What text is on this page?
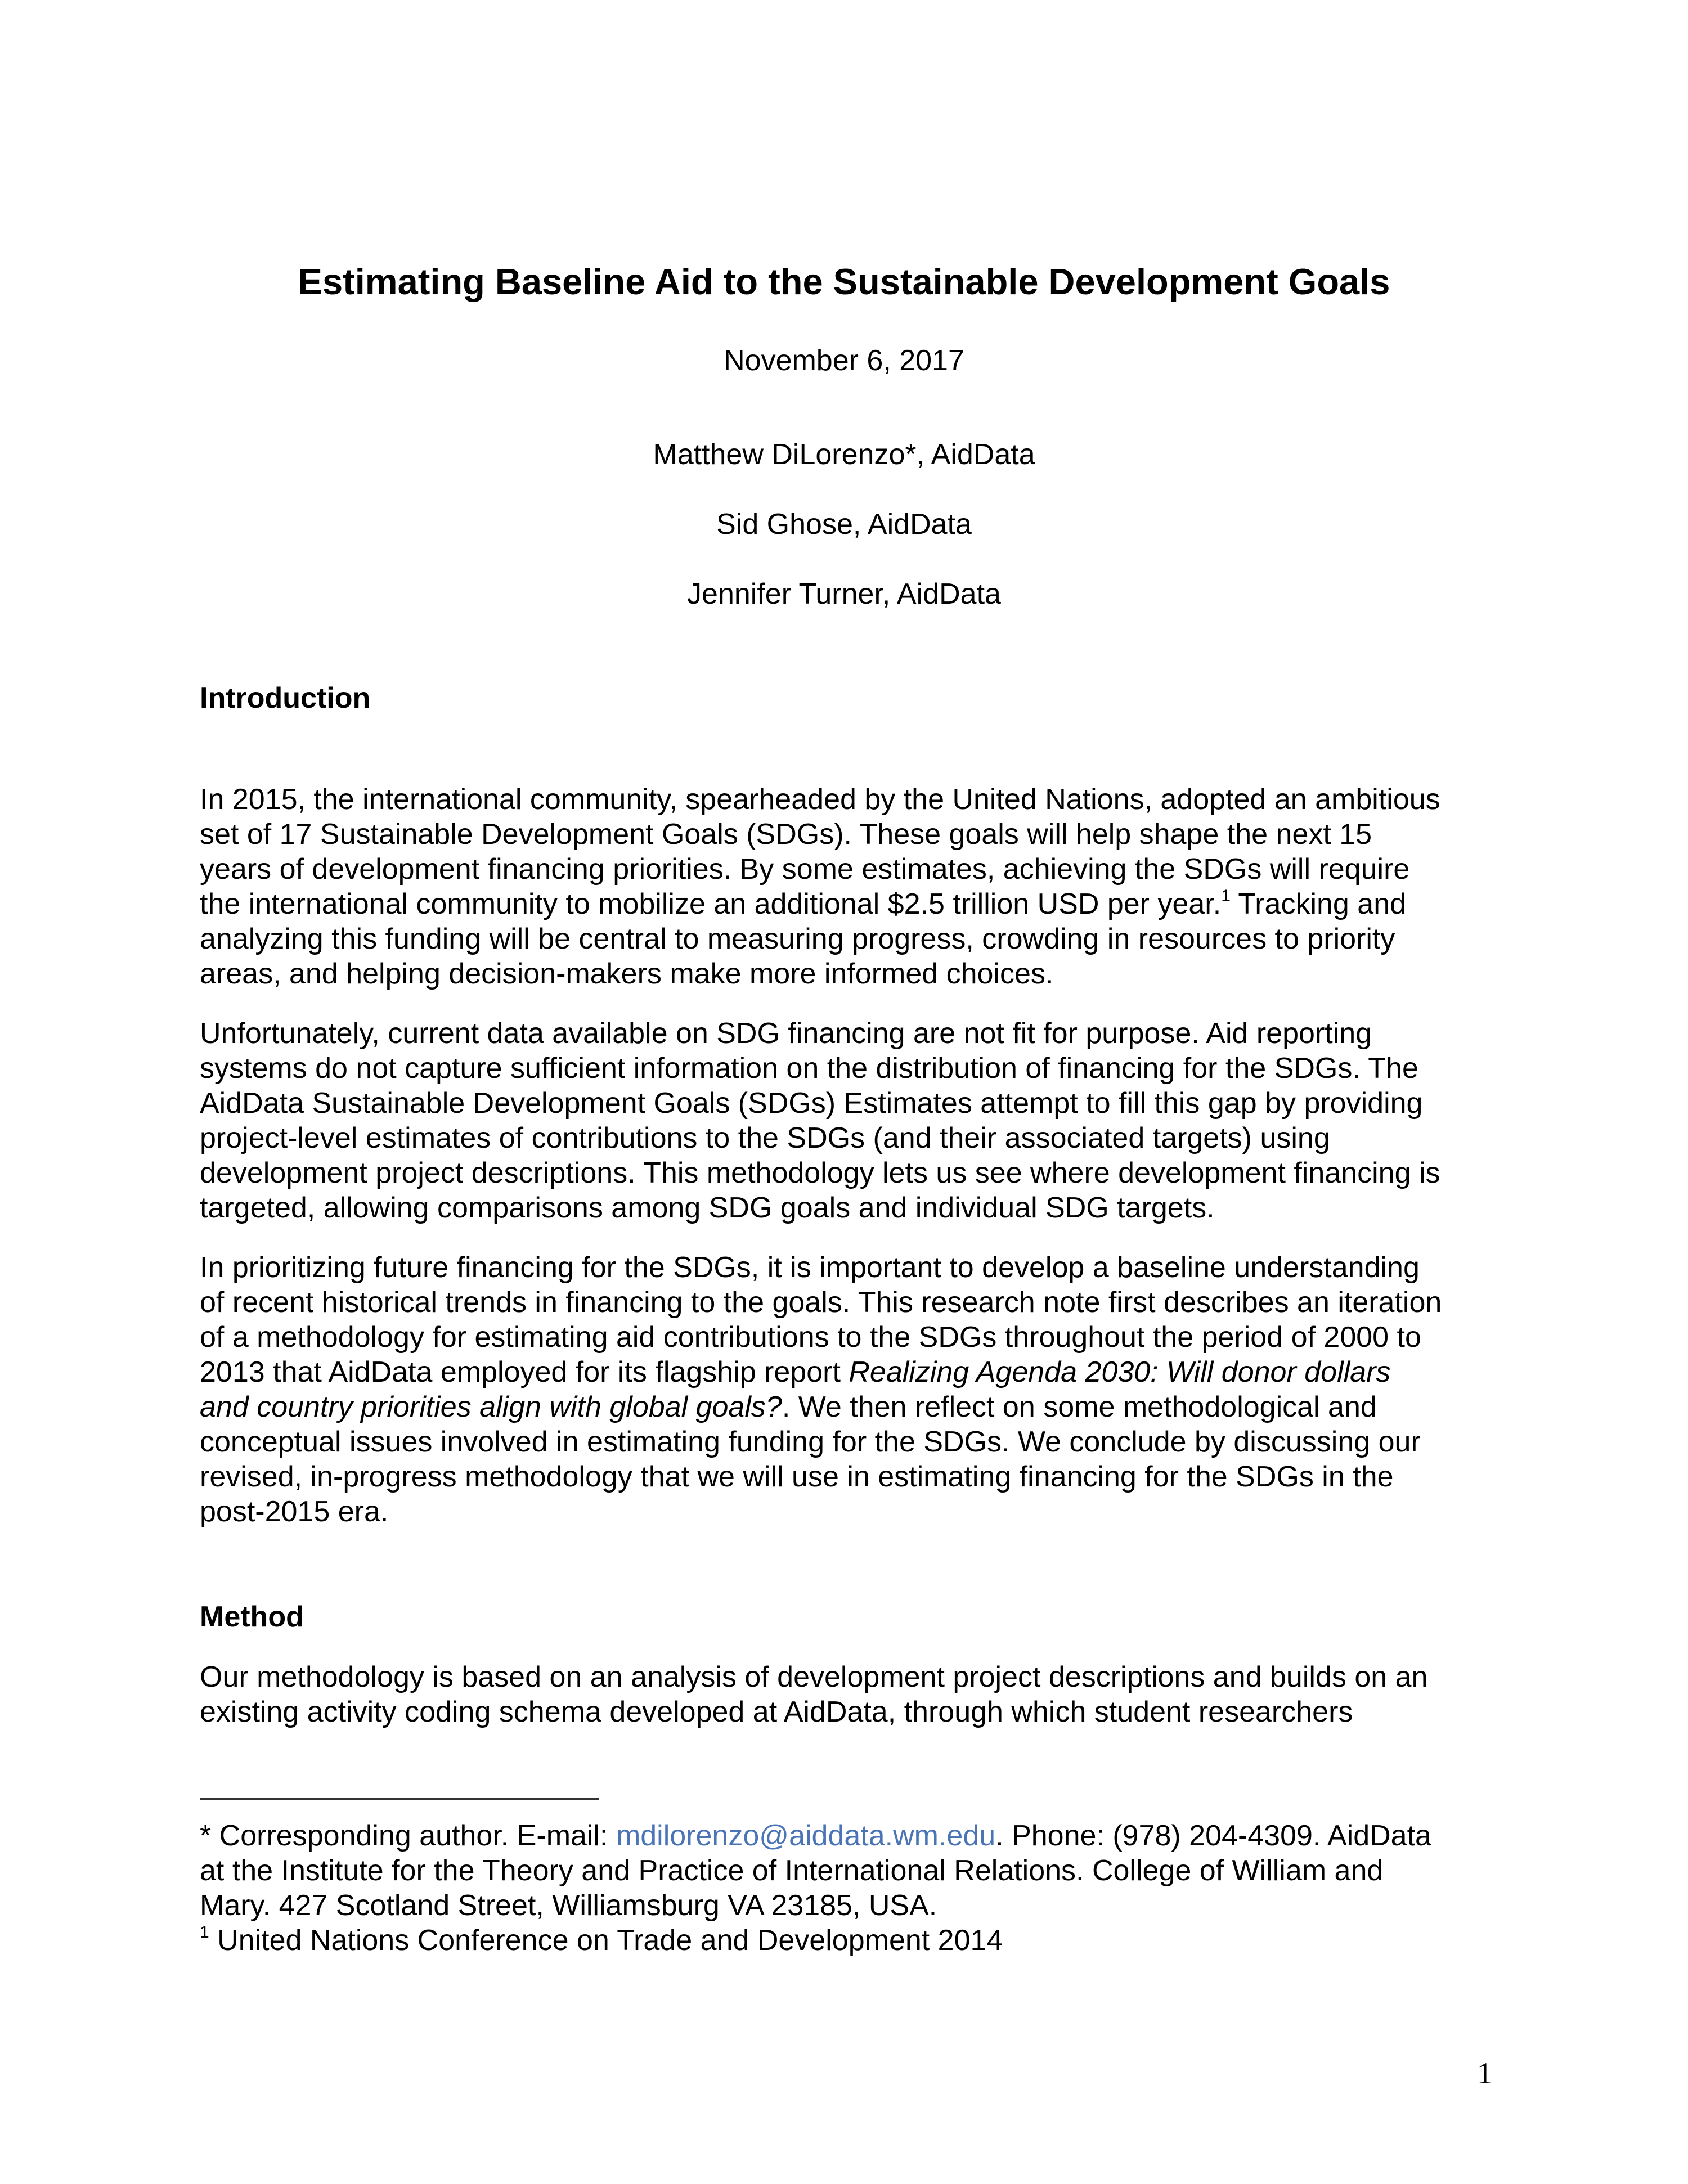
Estimating Baseline Aid to the Sustainable Development Goals

November 6, 2017

Matthew DiLorenzo*, AidData

Sid Ghose, AidData

Jennifer Turner, AidData

Introduction
In 2015, the international community, spearheaded by the United Nations, adopted an ambitious
set of 17 Sustainable Development Goals (SDGs). These goals will help shape the next 15
years of development financing priorities. By some estimates, achieving the SDGs will require
the international community to mobilize an additional $2.5 trillion USD per year.$^1$ Tracking and
analyzing this funding will be central to measuring progress, crowding in resources to priority
areas, and helping decision-makers make more informed choices.
Unfortunately, current data available on SDG financing are not fit for purpose. Aid reporting
systems do not capture sufficient information on the distribution of financing for the SDGs. The
AidData Sustainable Development Goals (SDGs) Estimates attempt to fill this gap by providing
project-level estimates of contributions to the SDGs (and their associated targets) using
development project descriptions. This methodology lets us see where development financing is
targeted, allowing comparisons among SDG goals and individual SDG targets.
In prioritizing future financing for the SDGs, it is important to develop a baseline understanding
of recent historical trends in financing to the goals. This research note first describes an iteration
of a methodology for estimating aid contributions to the SDGs throughout the period of 2000 to
2013 that AidData employed for its flagship report Realizing Agenda 2030: Will donor dollars
and country priorities align with global goals?. We then reflect on some methodological and
conceptual issues involved in estimating funding for the SDGs. We conclude by discussing our
revised, in-progress methodology that we will use in estimating financing for the SDGs in the
post-2015 era.
Method
Our methodology is based on an analysis of development project descriptions and builds on an
existing activity coding schema developed at AidData, through which student researchers
* Corresponding author. E-mail: mdilorenzo@aiddata.wm.edu. Phone: (978) 204-4309. AidData
at the Institute for the Theory and Practice of International Relations. College of William and
Mary. 427 Scotland Street, Williamsburg VA 23185, USA.
$^1$ United Nations Conference on Trade and Development 2014
1
